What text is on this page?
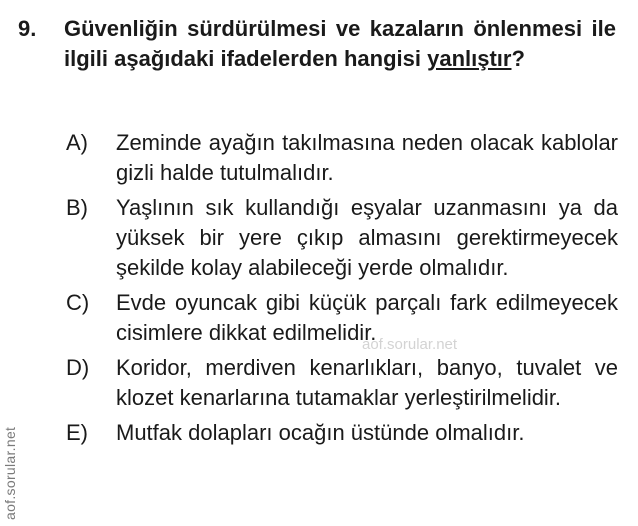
9.	Güvenliğin sürdürülmesi ve kazaların önlenmesi ile ilgili aşağıdaki ifadelerden hangisi yanlıştır?
A)	Zeminde ayağın takılmasına neden olacak kablolar gizli halde tutulmalıdır.
B)	Yaşlının sık kullandığı eşyalar uzanmasını ya da yüksek bir yere çıkıp almasını gerektirmeyecek şekilde kolay alabileceği yerde olmalıdır.
C)	Evde oyuncak gibi küçük parçalı fark edilmeyecek cisimlere dikkat edilmelidir.
D)	Koridor, merdiven kenarlıkları, banyo, tuvalet ve klozet kenarlarına tutamaklar yerleştirilmelidir.
E)	Mutfak dolapları ocağın üstünde olmalıdır.
aof.sorular.net
aof.sorular.net
